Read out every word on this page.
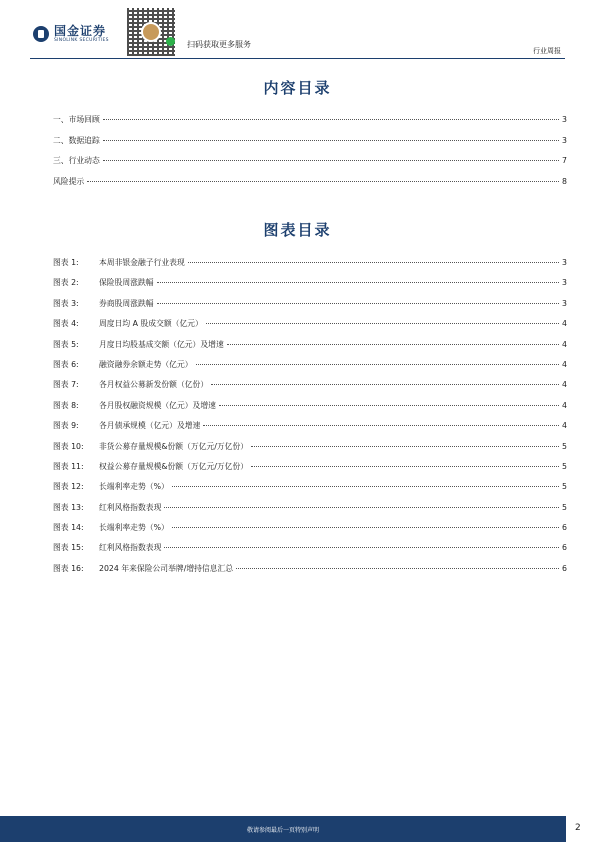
国金证券
SINOLINK SECURITIES	扫码获取更多服务
行业周报
内容目录
一、市场回顾	3
二、数据追踪	3
三、行业动态	7
风险提示	8
图表目录
图表 1:	本周非银金融子行业表现	3
图表 2:	保险股周涨跌幅	3
图表 3:	券商股周涨跌幅	3
图表 4:	周度日均 A 股成交额（亿元）	4
图表 5:	月度日均股基成交额（亿元）及增速	4
图表 6:	融资融券余额走势（亿元）	4
图表 7:	各月权益公募新发份额（亿份）	4
图表 8:	各月股权融资规模（亿元）及增速	4
图表 9:	各月债承规模（亿元）及增速	4
图表 10:	非货公募存量规模&份额（万亿元/万亿份）	5
图表 11:	权益公募存量规模&份额（万亿元/万亿份）	5
图表 12:	长端利率走势（%）	5
图表 13:	红利风格指数表现	5
图表 14:	长端利率走势（%）	6
图表 15:	红利风格指数表现	6
图表 16:	2024 年来保险公司举牌/增持信息汇总	6
敬请参阅最后一页特别声明	2
